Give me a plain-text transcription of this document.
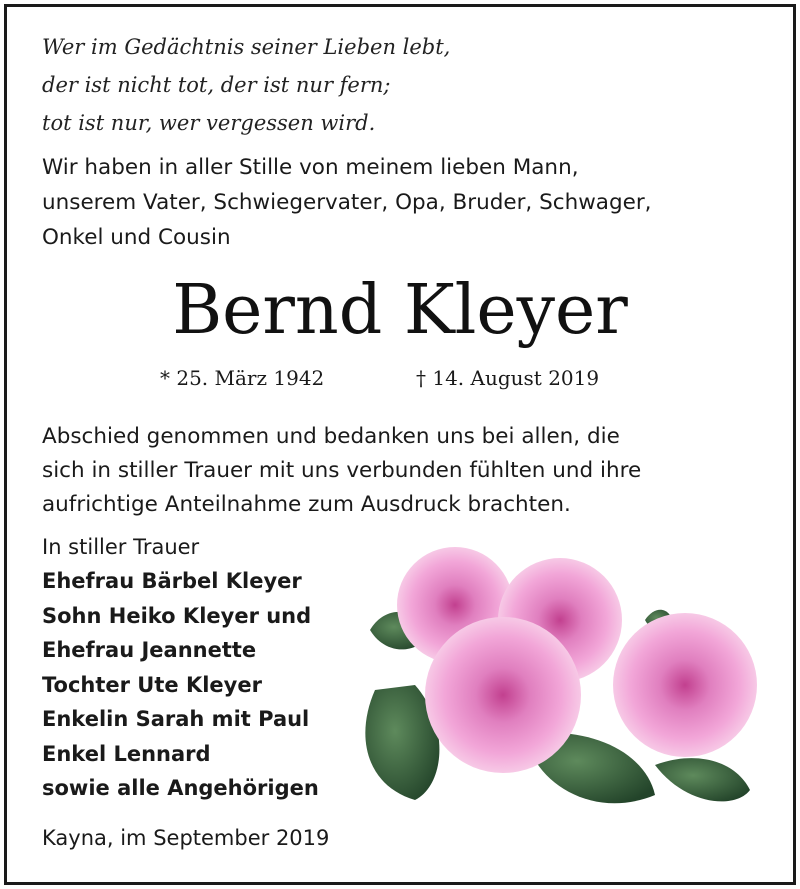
Wer im Gedächtnis seiner Lieben lebt,
der ist nicht tot, der ist nur fern;
tot ist nur, wer vergessen wird.
Wir haben in aller Stille von meinem lieben Mann,
unserem Vater, Schwiegervater, Opa, Bruder, Schwager,
Onkel und Cousin
Bernd Kleyer
* 25. März 1942	† 14. August 2019
Abschied genommen und bedanken uns bei allen, die
sich in stiller Trauer mit uns verbunden fühlten und ihre
aufrichtige Anteilnahme zum Ausdruck brachten.
In stiller Trauer
Ehefrau Bärbel Kleyer
Sohn Heiko Kleyer und
Ehefrau Jeannette
Tochter Ute Kleyer
Enkelin Sarah mit Paul
Enkel Lennard
sowie alle Angehörigen
Kayna, im September 2019
